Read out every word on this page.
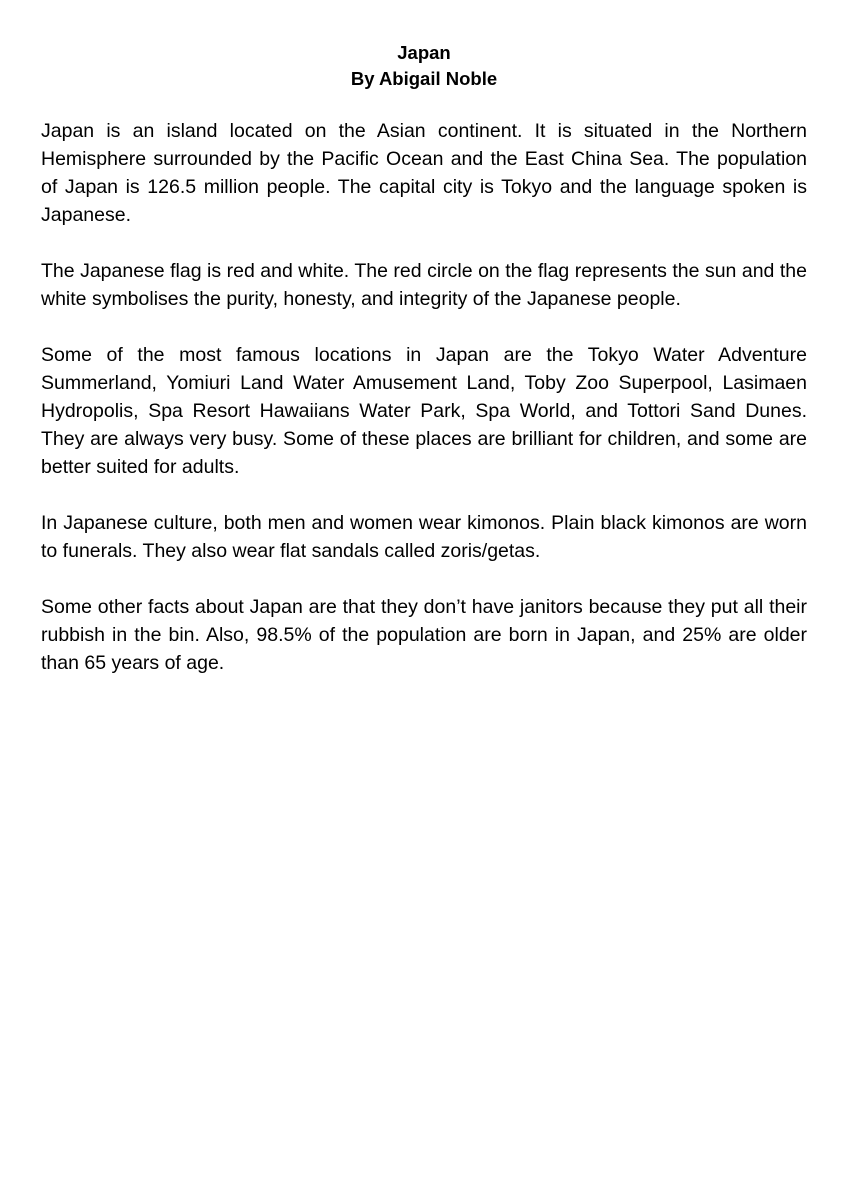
Japan
By Abigail Noble

Japan is an island located on the Asian continent. It is situated in the Northern Hemisphere surrounded by the Pacific Ocean and the East China Sea. The population of Japan is 126.5 million people. The capital city is Tokyo and the language spoken is Japanese.

The Japanese flag is red and white. The red circle on the flag represents the sun and the white symbolises the purity, honesty, and integrity of the Japanese people.

Some of the most famous locations in Japan are the Tokyo Water Adventure Summerland, Yomiuri Land Water Amusement Land, Toby Zoo Superpool, Lasimaen Hydropolis, Spa Resort Hawaiians Water Park, Spa World, and Tottori Sand Dunes. They are always very busy. Some of these places are brilliant for children, and some are better suited for adults.

In Japanese culture, both men and women wear kimonos. Plain black kimonos are worn to funerals. They also wear flat sandals called zoris/getas.

Some other facts about Japan are that they don’t have janitors because they put all their rubbish in the bin. Also, 98.5% of the population are born in Japan, and 25% are older than 65 years of age.
